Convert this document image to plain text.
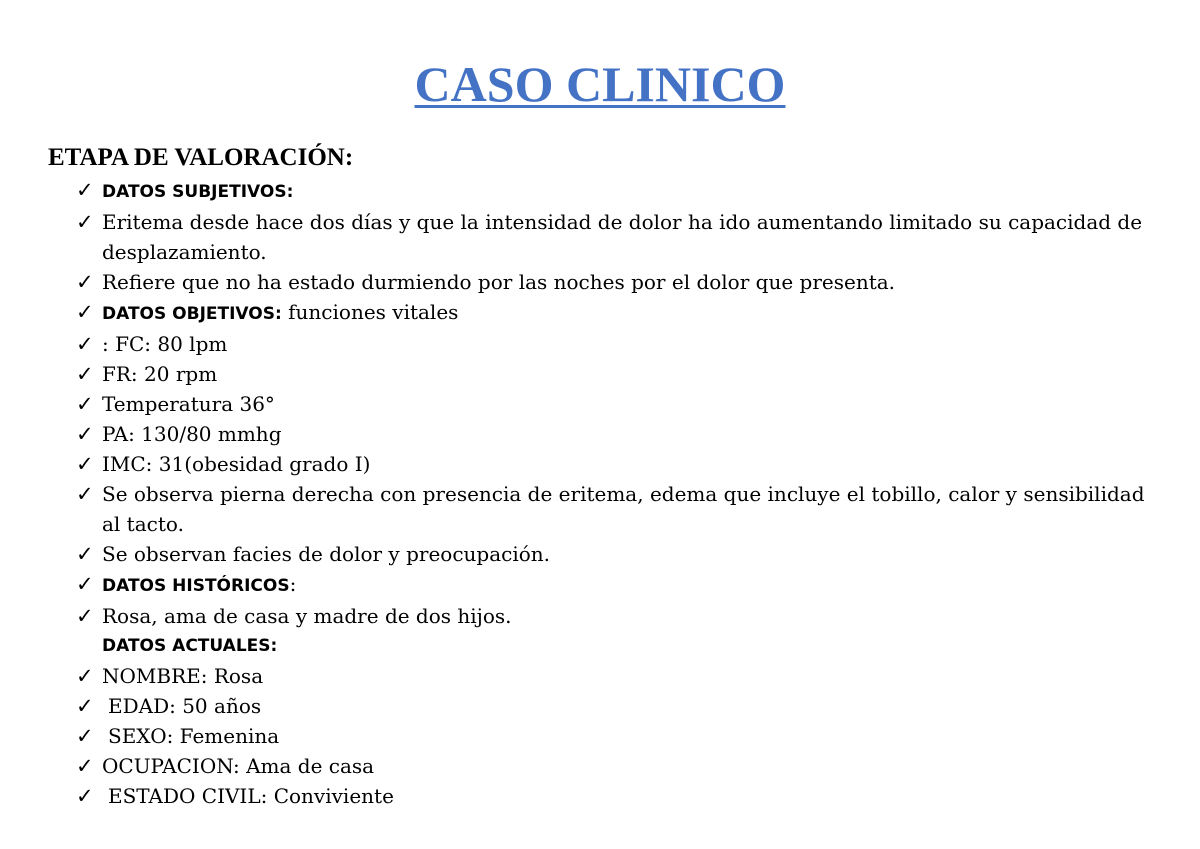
CASO CLINICO
ETAPA DE VALORACIÓN:
✓ DATOS SUBJETIVOS:
✓ Eritema desde hace dos días y que la intensidad de dolor ha ido aumentando limitado su capacidad de desplazamiento.
✓ Refiere que no ha estado durmiendo por las noches por el dolor que presenta.
✓ DATOS OBJETIVOS: funciones vitales
✓ : FC: 80 lpm
✓ FR: 20 rpm
✓ Temperatura 36°
✓ PA: 130/80 mmhg
✓ IMC: 31(obesidad grado I)
✓ Se observa pierna derecha con presencia de eritema, edema que incluye el tobillo, calor y sensibilidad al tacto.
✓ Se observan facies de dolor y preocupación.
✓ DATOS HISTÓRICOS:
✓ Rosa, ama de casa y madre de dos hijos.
DATOS ACTUALES:
✓ NOMBRE: Rosa
✓ EDAD: 50 años
✓ SEXO: Femenina
✓ OCUPACION: Ama de casa
✓ ESTADO CIVIL: Conviviente
